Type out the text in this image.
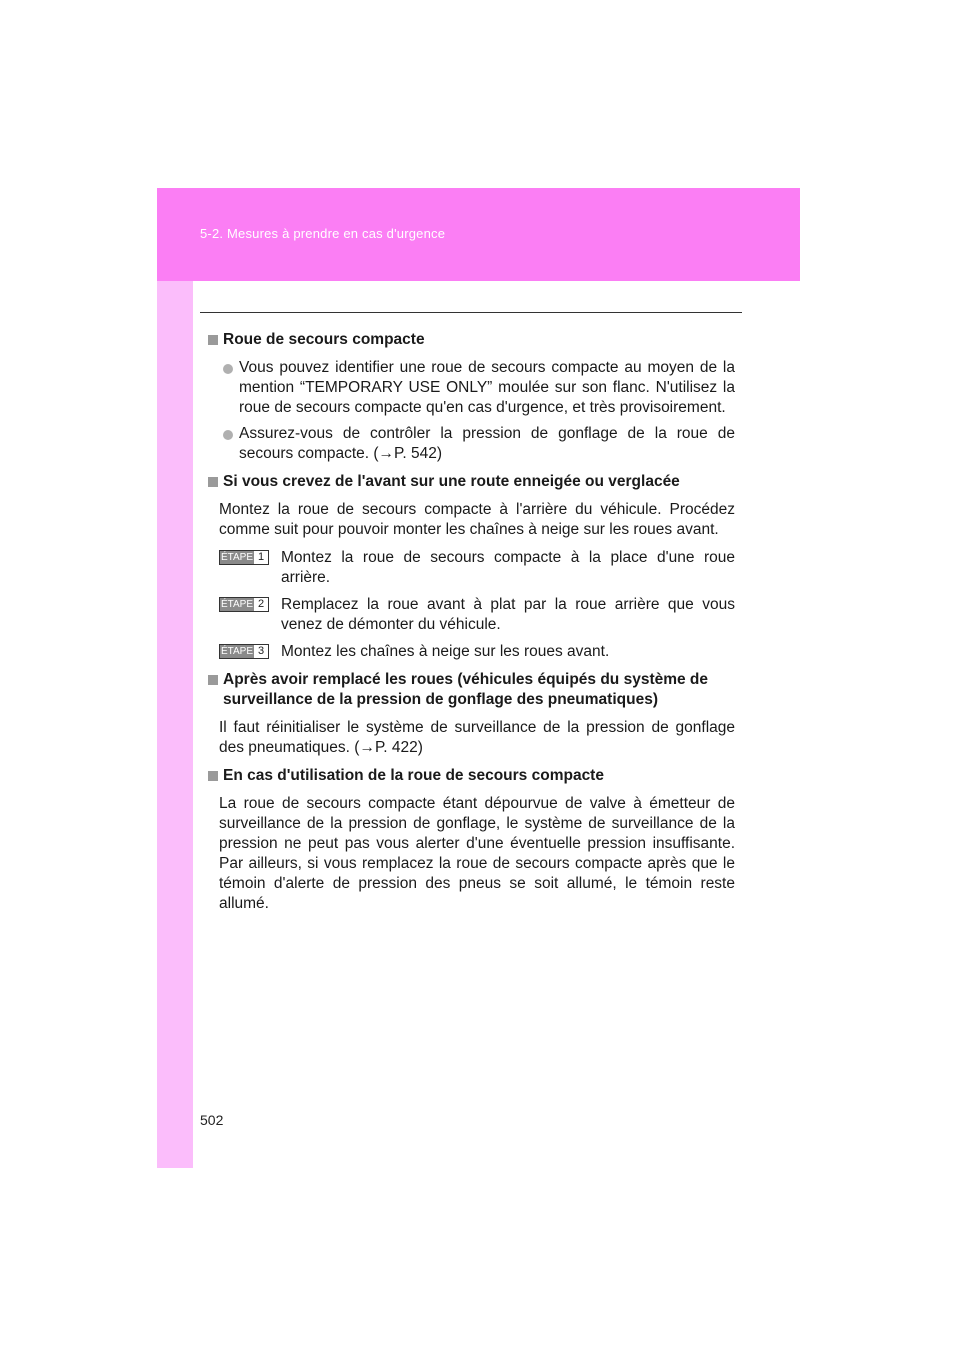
5-2. Mesures à prendre en cas d'urgence
Roue de secours compacte
Vous pouvez identifier une roue de secours compacte au moyen de la mention “TEMPORARY USE ONLY” moulée sur son flanc. N'utilisez la roue de secours compacte qu'en cas d'urgence, et très provisoirement.
Assurez-vous de contrôler la pression de gonflage de la roue de secours compacte. (→P. 542)
Si vous crevez de l'avant sur une route enneigée ou verglacée
Montez la roue de secours compacte à l'arrière du véhicule. Procédez comme suit pour pouvoir monter les chaînes à neige sur les roues avant.
ÉTAPE 1 Montez la roue de secours compacte à la place d'une roue arrière.
ÉTAPE 2 Remplacez la roue avant à plat par la roue arrière que vous venez de démonter du véhicule.
ÉTAPE 3 Montez les chaînes à neige sur les roues avant.
Après avoir remplacé les roues (véhicules équipés du système de surveillance de la pression de gonflage des pneumatiques)
Il faut réinitialiser le système de surveillance de la pression de gonflage des pneumatiques. (→P. 422)
En cas d'utilisation de la roue de secours compacte
La roue de secours compacte étant dépourvue de valve à émetteur de surveillance de la pression de gonflage, le système de surveillance de la pression ne peut pas vous alerter d'une éventuelle pression insuffisante. Par ailleurs, si vous remplacez la roue de secours compacte après que le témoin d'alerte de pression des pneus se soit allumé, le témoin reste allumé.
502
